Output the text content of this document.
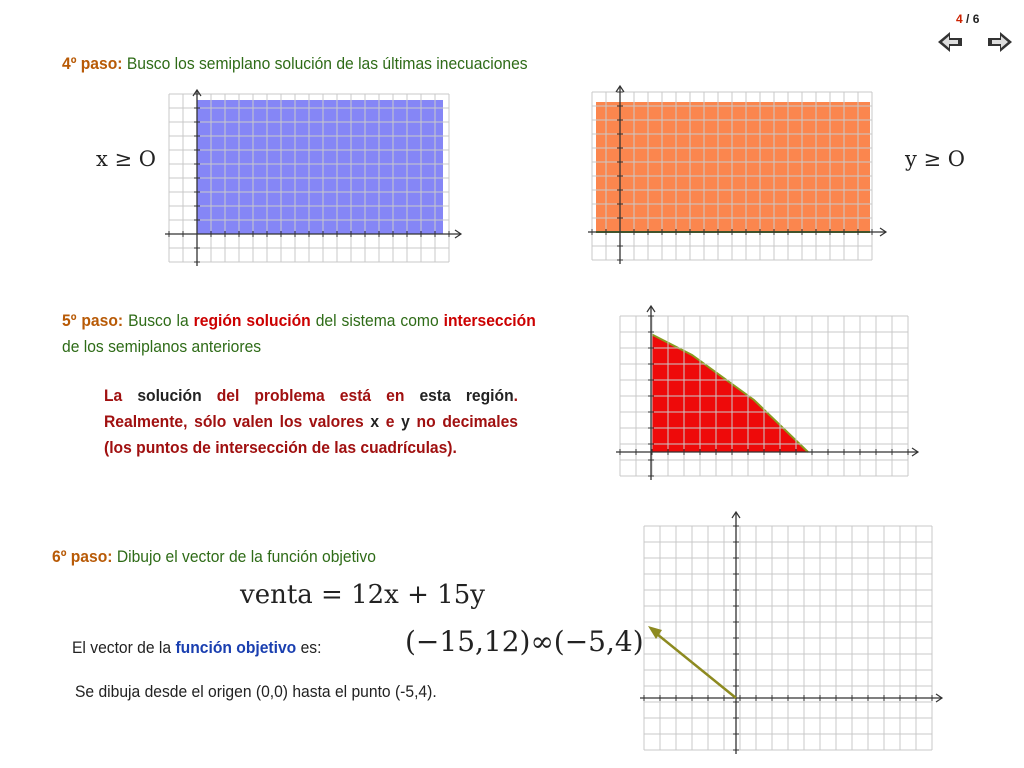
4 / 6
4º paso: Busco los semiplano solución de las últimas inecuaciones
x ≥ O	y ≥ O
5º paso: Busco la región solución del sistema como intersección de los semiplanos anteriores
La solución del problema está en esta región. Realmente, sólo valen los valores x e y no decimales (los puntos de intersección de las cuadrículas).
6º paso: Dibujo el vector de la función objetivo
venta = 12x + 15y
El vector de la función objetivo es:	(−15,12)∞(−5,4)
Se dibuja desde el origen (0,0) hasta el punto (-5,4).
